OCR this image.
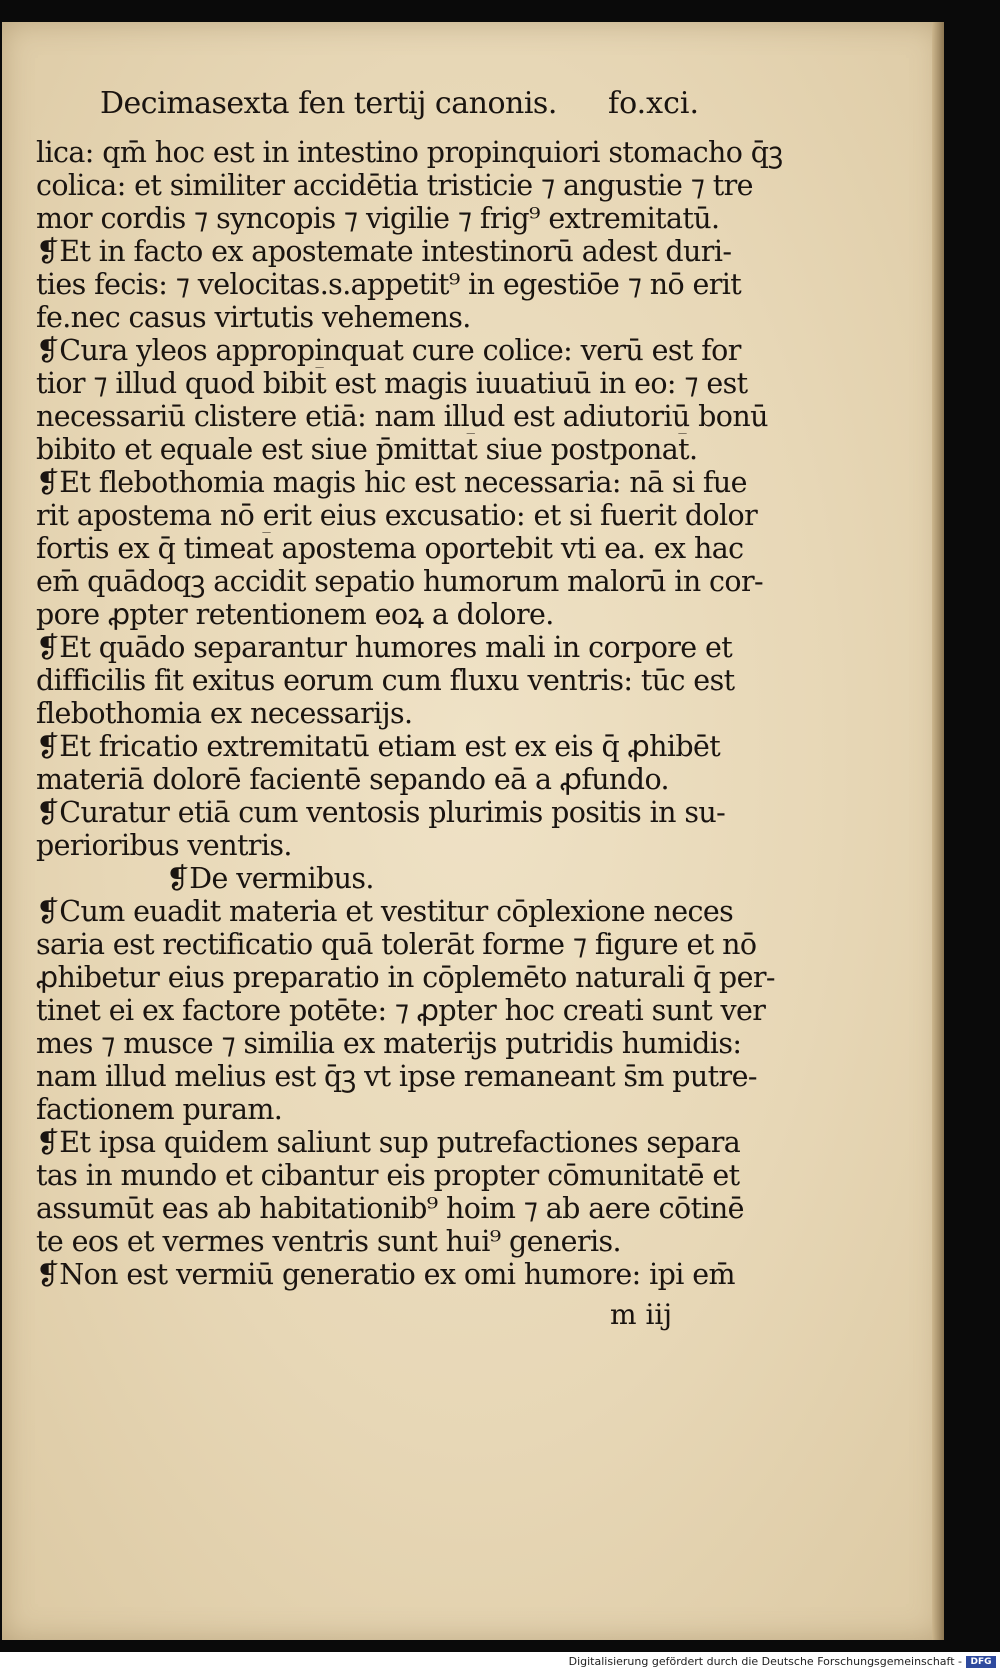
Decimasexta fen tertij canonis. fo.xci.
lica: qm̄ hoc est in intestino propinquiori stomacho q̄ꝫ
colica: et similiter accidētia tristicie ⁊ angustie ⁊ tre
mor cordis ⁊ syncopis ⁊ vigilie ⁊ frig⁹ extremitatū.
❡Et in facto ex apostemate intestinorū adest duri-
ties fecis: ⁊ velocitas.s.appetit⁹ in egestiōe ⁊ nō erit
fe.nec casus virtutis vehemens.
❡Cura yleos appropinquat cure colice: verū est for
tior ⁊ illud quod bibit̄ est magis iuuatiuū in eo: ⁊ est
necessariū clistere etiā: nam illud est adiutoriū bonū
bibito et equale est siue p̄mittat̄ siue postponat̄.
❡Et flebothomia magis hic est necessaria: nā si fue
rit apostema nō erit eius excusatio: et si fuerit dolor
fortis ex q̄ timeat̄ apostema oportebit vti ea. ex hac
em̄ quādoqꝫ accidit sepatio humorum malorū in cor-
pore ꝓpter retentionem eoꝝ a dolore.
❡Et quādo separantur humores mali in corpore et
difficilis fit exitus eorum cum fluxu ventris: tūc est
flebothomia ex necessarijs.
❡Et fricatio extremitatū etiam est ex eis q̄ ꝓhibēt
materiā dolorē facientē sepando eā a ꝓfundo.
❡Curatur etiā cum ventosis plurimis positis in su-
perioribus ventris.
❡De vermibus.
❡Cum euadit materia et vestitur cōplexione neces
saria est rectificatio quā tolerāt forme ⁊ figure et nō
ꝓhibetur eius preparatio in cōplemēto naturali q̄ per-
tinet ei ex factore potēte: ⁊ ꝓpter hoc creati sunt ver
mes ⁊ musce ⁊ similia ex materijs putridis humidis:
nam illud melius est q̄ꝫ vt ipse remaneant s̄m putre-
factionem puram.
❡Et ipsa quidem saliunt sup putrefactiones separa
tas in mundo et cibantur eis propter cōmunitatē et
assumūt eas ab habitationib⁹ hoim ⁊ ab aere cōtinē
te eos et vermes ventris sunt hui⁹ generis.
❡Non est vermiū generatio ex omi humore: ipi em̄
m iij
Digitalisierung gefördert durch die Deutsche Forschungsgemeinschaft - DFG
